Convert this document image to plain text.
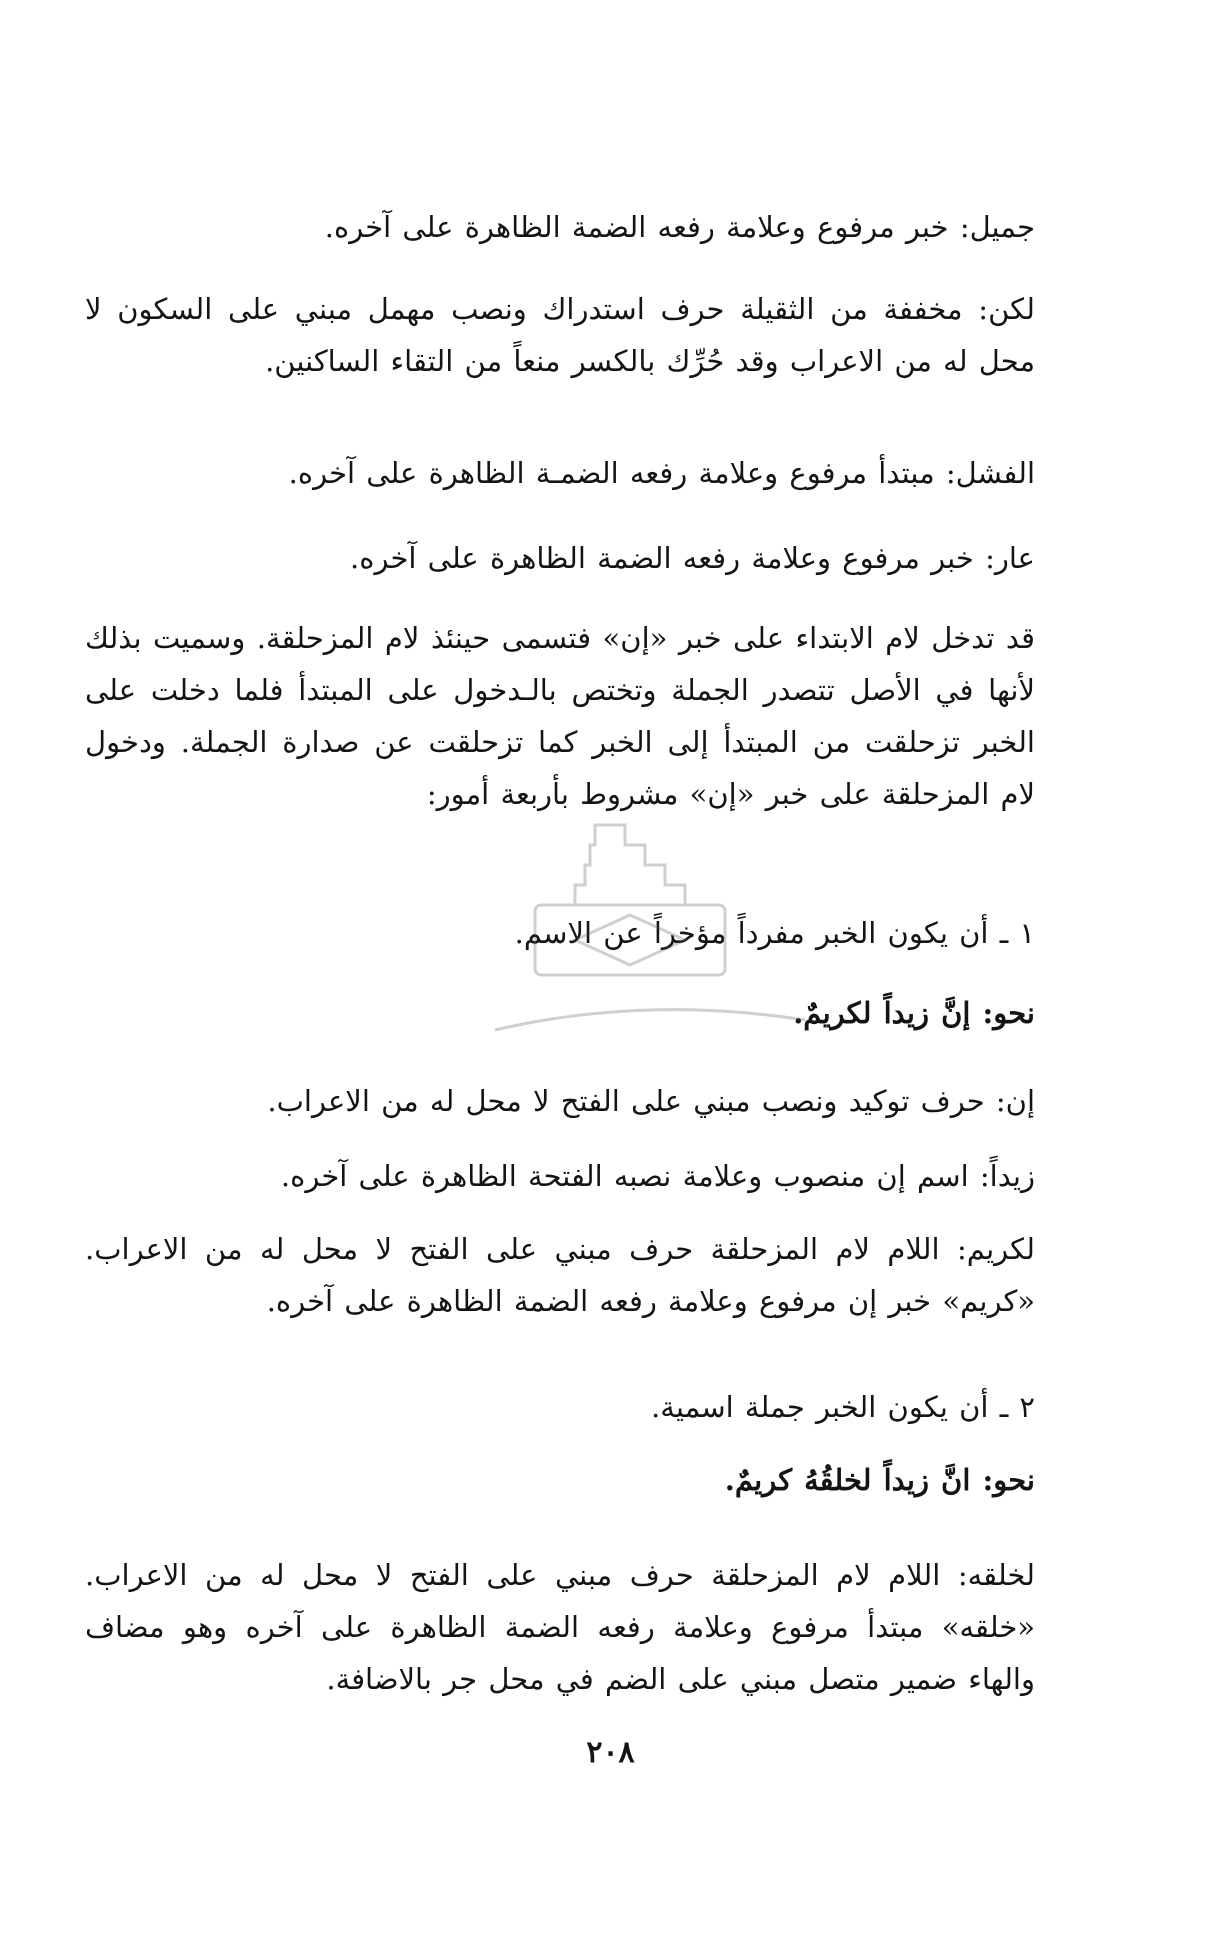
جميل: خبر مرفوع وعلامة رفعه الضمة الظاهرة على آخره.

لكن: مخففة من الثقيلة حرف استدراك ونصب مهمل مبني على السكون لا محل له من الاعراب وقد حُرِّك بالكسر منعاً من التقاء الساكنين.

الفشل: مبتدأ مرفوع وعلامة رفعه الضمـة الظاهرة على آخره.

عار: خبر مرفوع وعلامة رفعه الضمة الظاهرة على آخره.

قد تدخل لام الابتداء على خبر «إن» فتسمى حينئذ لام المزحلقة. وسميت بذلك لأنها في الأصل تتصدر الجملة وتختص بالـدخول على المبتدأ فلما دخلت على الخبر تزحلقت من المبتدأ إلى الخبر كما تزحلقت عن صدارة الجملة. ودخول لام المزحلقة على خبر «إن» مشروط بأربعة أمور:

١ ـ أن يكون الخبر مفرداً مؤخراً عن الاسم.

نحو: إنَّ زيداً لكريمٌ.

إن: حرف توكيد ونصب مبني على الفتح لا محل له من الاعراب.

زيداً: اسم إن منصوب وعلامة نصبه الفتحة الظاهرة على آخره.

لكريم: اللام لام المزحلقة حرف مبني على الفتح لا محل له من الاعراب. «كريم» خبر إن مرفوع وعلامة رفعه الضمة الظاهرة على آخره.

٢ ـ أن يكون الخبر جملة اسمية.

نحو: انَّ زيداً لخلقُهُ كريمٌ.

لخلقه: اللام لام المزحلقة حرف مبني على الفتح لا محل له من الاعراب. «خلقه» مبتدأ مرفوع وعلامة رفعه الضمة الظاهرة على آخره وهو مضاف والهاء ضمير متصل مبني على الضم في محل جر بالاضافة.

٢٠٨
